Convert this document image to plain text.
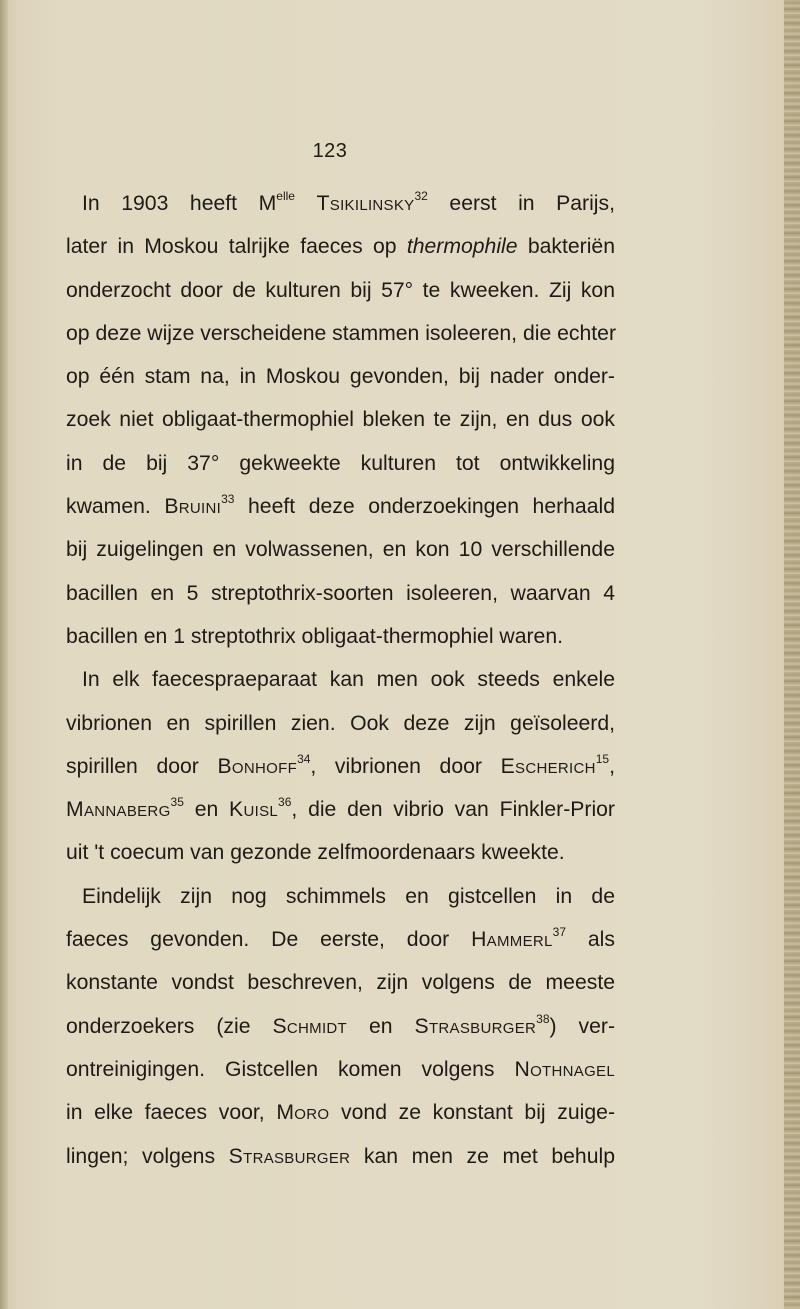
123
In 1903 heeft $M^{elle}$ Tsikilinsky$^{32}$ eerst in Parijs,
later in Moskou talrijke faeces op thermophile bakteriën
onderzocht door de kulturen bij 57° te kweeken. Zij kon
op deze wijze verscheidene stammen isoleeren, die echter
op één stam na, in Moskou gevonden, bij nader onder-
zoek niet obligaat-thermophiel bleken te zijn, en dus ook
in de bij 37° gekweekte kulturen tot ontwikkeling
kwamen. Bruini$^{33}$ heeft deze onderzoekingen herhaald
bij zuigelingen en volwassenen, en kon 10 verschillende
bacillen en 5 streptothrix-soorten isoleeren, waarvan 4
bacillen en 1 streptothrix obligaat-thermophiel waren.
In elk faecespraeparaat kan men ook steeds enkele
vibrionen en spirillen zien. Ook deze zijn geïsoleerd,
spirillen door Bonhoff$^{34}$, vibrionen door Escherich$^{15}$,
Mannaberg$^{35}$ en Kuisl$^{36}$, die den vibrio van Finkler-Prior
uit 't coecum van gezonde zelfmoordenaars kweekte.
Eindelijk zijn nog schimmels en gistcellen in de
faeces gevonden. De eerste, door Hammerl$^{37}$ als
konstante vondst beschreven, zijn volgens de meeste
onderzoekers (zie Schmidt en Strasburger$^{38}$) ver-
ontreinigingen. Gistcellen komen volgens Nothnagel
in elke faeces voor, Moro vond ze konstant bij zuige-
lingen; volgens Strasburger kan men ze met behulp
